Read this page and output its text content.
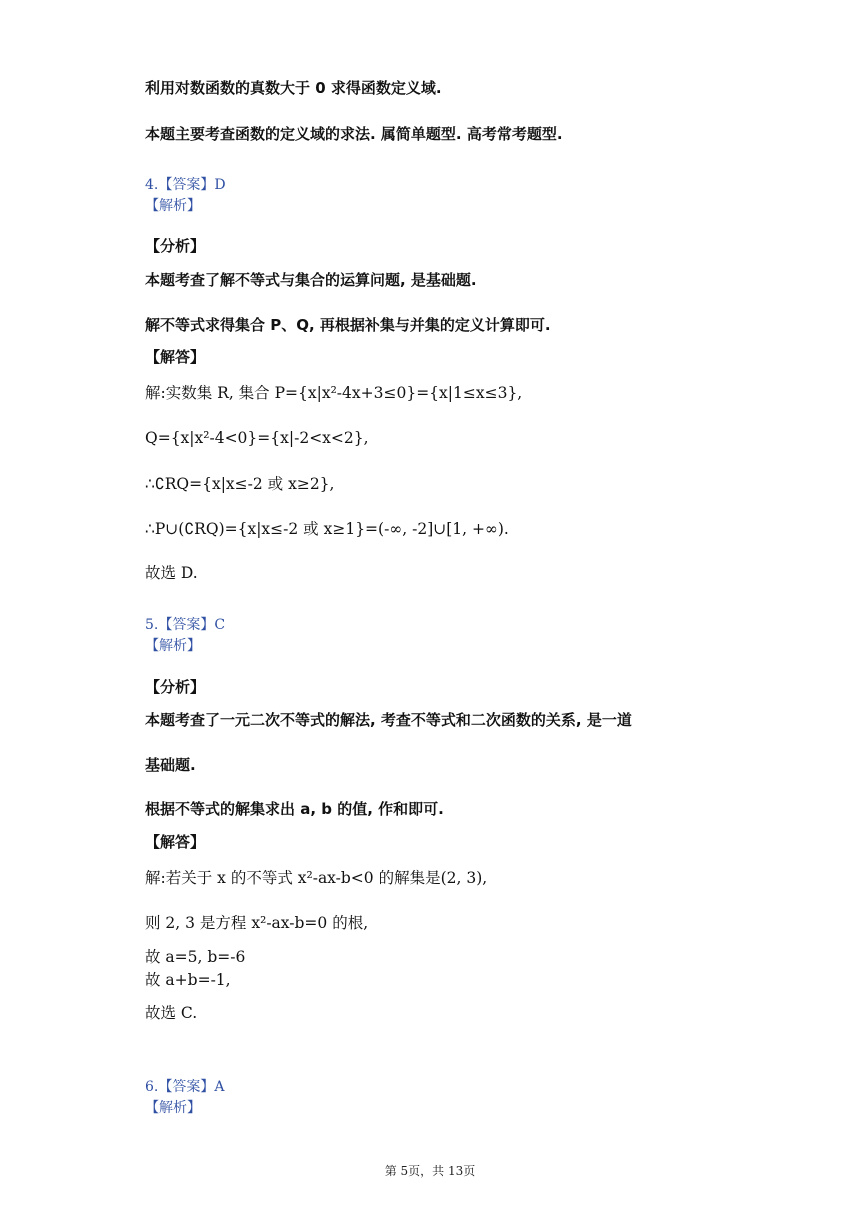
利用对数函数的真数大于 0 求得函数定义域.
本题主要考查函数的定义域的求法. 属简单题型. 高考常考题型.
4.【答案】D
【解析】
【分析】
本题考查了解不等式与集合的运算问题, 是基础题.
解不等式求得集合 P、Q, 再根据补集与并集的定义计算即可.
【解答】
解:实数集 R, 集合 P={x|x²-4x+3≤0}={x|1≤x≤3},
Q={x|x²-4<0}={x|-2<x<2},
∴∁RQ={x|x≤-2 或 x≥2},
∴P∪(∁RQ)={x|x≤-2 或 x≥1}=(-∞, -2]∪[1, +∞).
故选 D.
5.【答案】C
【解析】
【分析】
本题考查了一元二次不等式的解法, 考查不等式和二次函数的关系, 是一道
基础题.
根据不等式的解集求出 a, b 的值, 作和即可.
【解答】
解:若关于 x 的不等式 x²-ax-b<0 的解集是(2, 3),
则 2, 3 是方程 x²-ax-b=0 的根,
故 a=5, b=-6
故 a+b=-1,
故选 C.
6.【答案】A
【解析】
第 5页，共 13页
